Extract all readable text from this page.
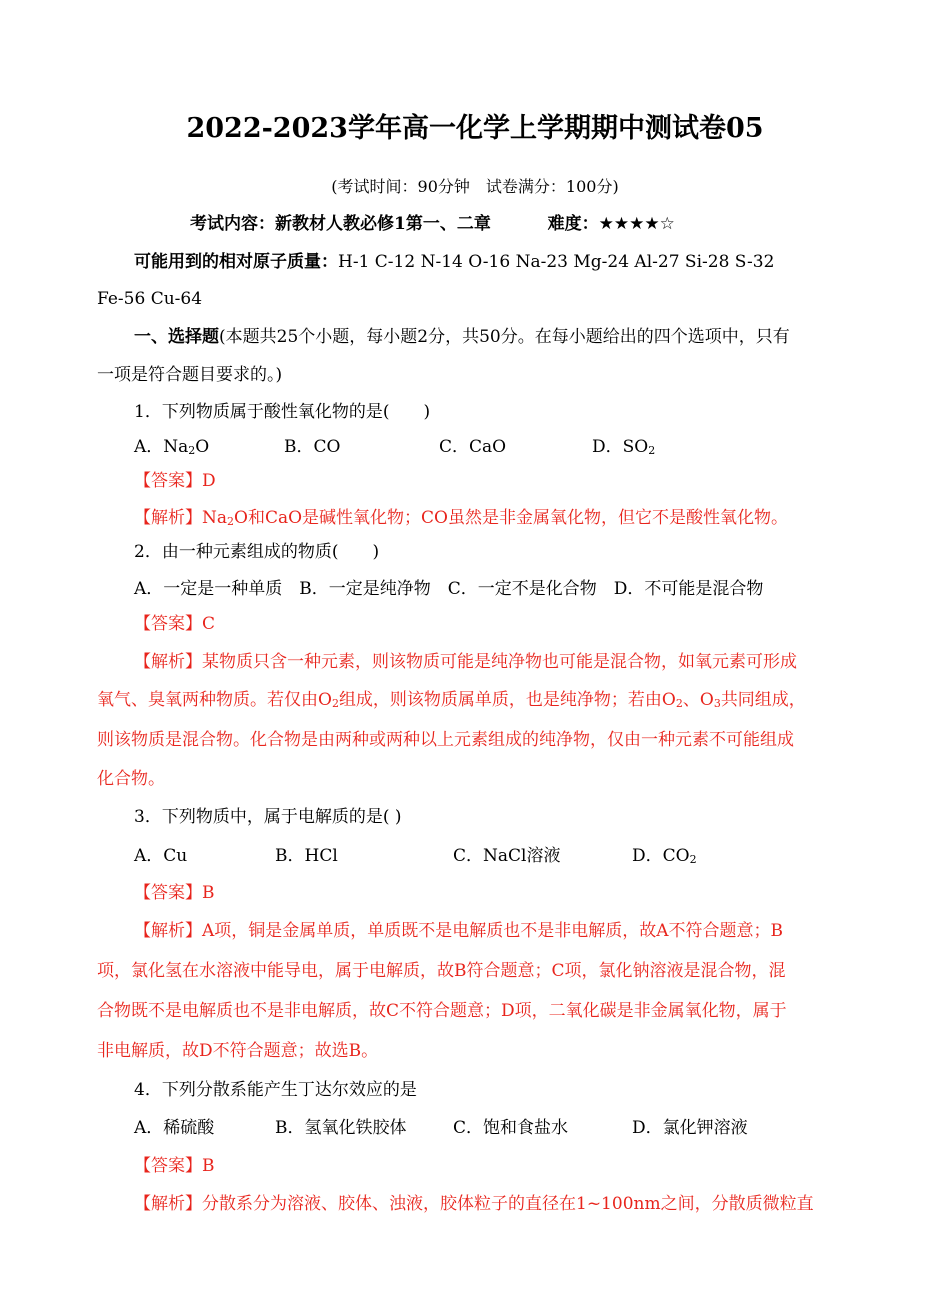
2022-2023学年高一化学上学期期中测试卷05
(考试时间：90分钟　试卷满分：100分)
考试内容：新教材人教必修1第一、二章	难度：★★★★☆
可能用到的相对原子质量：H-1 C-12 N-14 O-16 Na-23 Mg-24 Al-27 Si-28 S-32
Fe-56 Cu-64
一、选择题(本题共25个小题，每小题2分，共50分。在每小题给出的四个选项中，只有
一项是符合题目要求的。)
1．下列物质属于酸性氧化物的是(　　)
A．$Na_2O$	B．CO	C．CaO	D．$SO_2$
【答案】D
【解析】$Na_2O$和CaO是碱性氧化物；CO虽然是非金属氧化物，但它不是酸性氧化物。
2．由一种元素组成的物质(　　)
A．一定是一种单质　B．一定是纯净物　C．一定不是化合物　D．不可能是混合物
【答案】C
【解析】某物质只含一种元素，则该物质可能是纯净物也可能是混合物，如氧元素可形成
氧气、臭氧两种物质。若仅由$O_2$组成，则该物质属单质，也是纯净物；若由$O_2$、$O_3$共同组成，
则该物质是混合物。化合物是由两种或两种以上元素组成的纯净物，仅由一种元素不可能组成
化合物。
3．下列物质中，属于电解质的是( )
A．Cu	B．HCl	C．NaCl溶液	D．$CO_2$
【答案】B
【解析】A项，铜是金属单质，单质既不是电解质也不是非电解质，故A不符合题意；B
项，氯化氢在水溶液中能导电，属于电解质，故B符合题意；C项，氯化钠溶液是混合物，混
合物既不是电解质也不是非电解质，故C不符合题意；D项，二氧化碳是非金属氧化物，属于
非电解质，故D不符合题意；故选B。
4．下列分散系能产生丁达尔效应的是
A．稀硫酸	B．氢氧化铁胶体	C．饱和食盐水	D．氯化钾溶液
【答案】B
【解析】分散系分为溶液、胶体、浊液，胶体粒子的直径在1~100nm之间，分散质微粒直
